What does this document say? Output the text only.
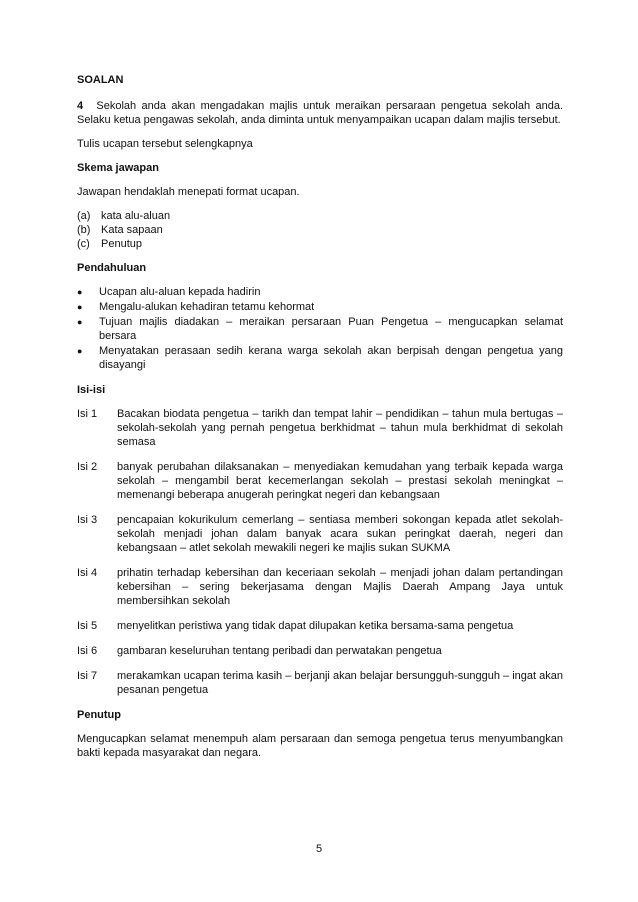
SOALAN

4 Sekolah anda akan mengadakan majlis untuk meraikan persaraan pengetua sekolah anda. Selaku ketua pengawas sekolah, anda diminta untuk menyampaikan ucapan dalam majlis tersebut.

Tulis ucapan tersebut selengkapnya

Skema jawapan

Jawapan hendaklah menepati format ucapan.

(a) kata alu-aluan
(b) Kata sapaan
(c)	Penutup

Pendahuluan

●	Ucapan alu-aluan kepada hadirin
●	Mengalu-alukan kehadiran tetamu kehormat
●	Tujuan majlis diadakan – meraikan persaraan Puan Pengetua – mengucapkan selamat bersara
●	Menyatakan perasaan sedih kerana warga sekolah akan berpisah dengan pengetua yang disayangi

Isi-isi

Isi 1	Bacakan biodata pengetua – tarikh dan tempat lahir – pendidikan – tahun mula bertugas – sekolah-sekolah yang pernah pengetua berkhidmat – tahun mula berkhidmat di sekolah semasa
Isi 2	banyak perubahan dilaksanakan – menyediakan kemudahan yang terbaik kepada warga sekolah – mengambil berat kecemerlangan sekolah – prestasi sekolah meningkat – memenangi beberapa anugerah peringkat negeri dan kebangsaan
Isi 3	pencapaian kokurikulum cemerlang – sentiasa memberi sokongan kepada atlet sekolah-sekolah menjadi johan dalam banyak acara sukan peringkat daerah, negeri dan kebangsaan – atlet sekolah mewakili negeri ke majlis sukan SUKMA
Isi 4	prihatin terhadap kebersihan dan keceriaan sekolah – menjadi johan dalam pertandingan kebersihan – sering bekerjasama dengan Majlis Daerah Ampang Jaya untuk membersihkan sekolah
Isi 5	menyelitkan peristiwa yang tidak dapat dilupakan ketika bersama-sama pengetua
Isi 6	gambaran keseluruhan tentang peribadi dan perwatakan pengetua
Isi 7	merakamkan ucapan terima kasih – berjanji akan belajar bersungguh-sungguh – ingat akan pesanan pengetua

Penutup

Mengucapkan selamat menempuh alam persaraan dan semoga pengetua terus menyumbangkan bakti kepada masyarakat dan negara.

5
